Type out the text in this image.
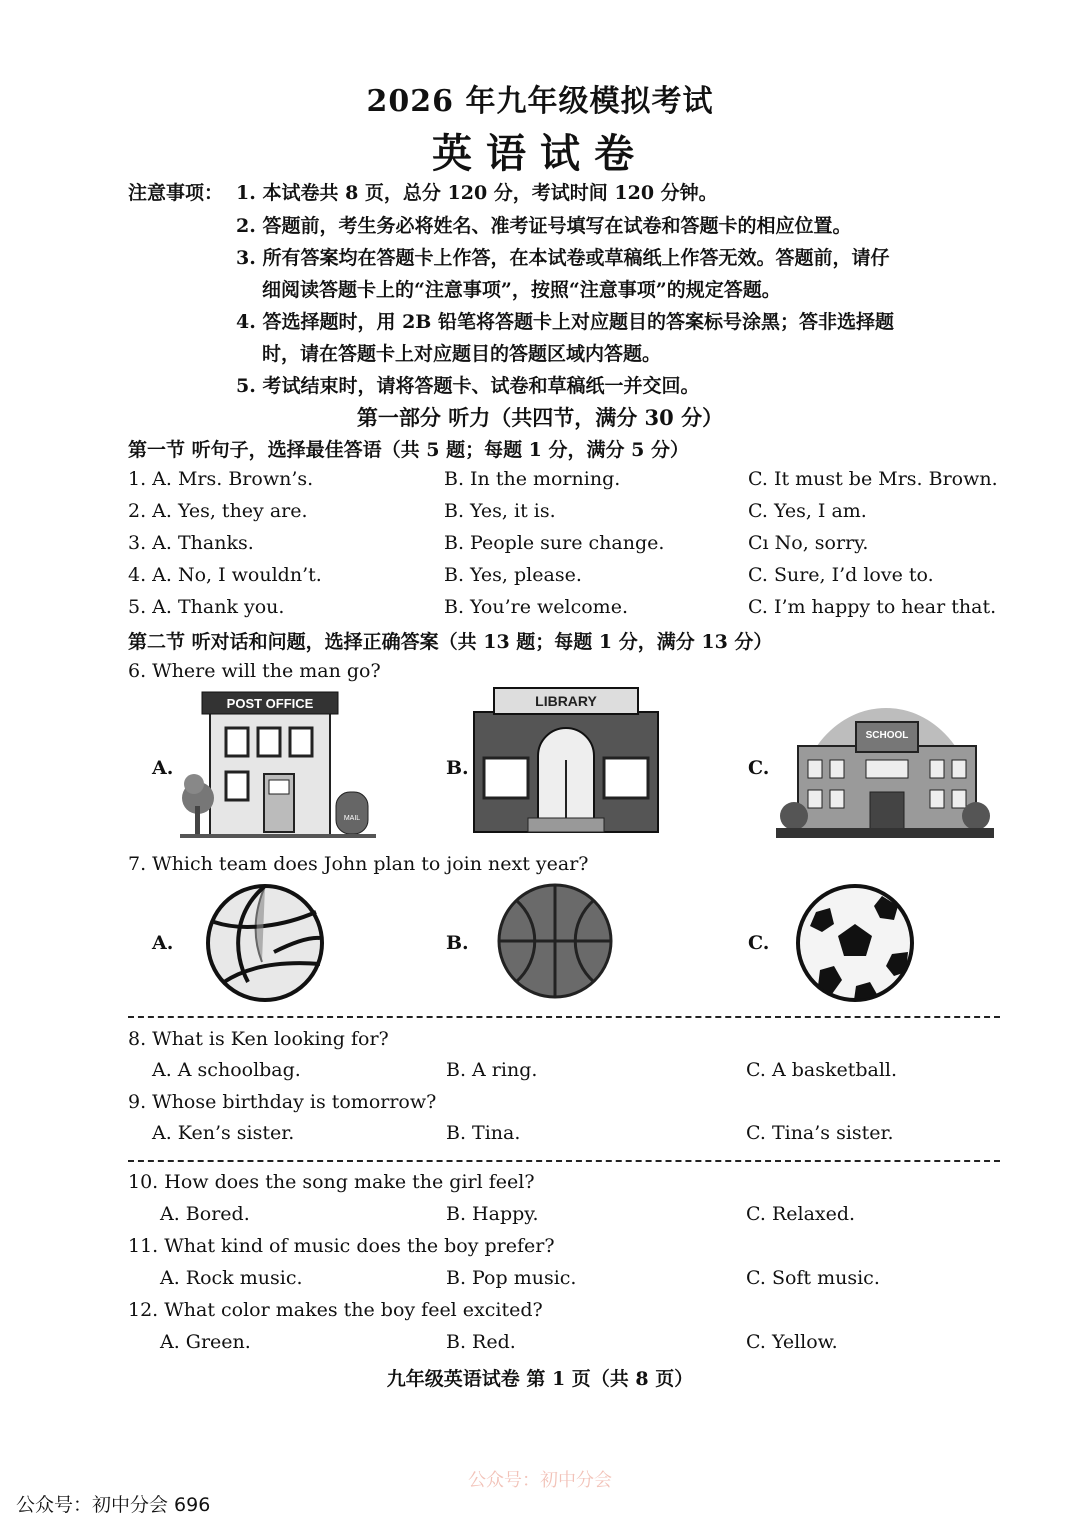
2026 年九年级模拟考试
英语试卷
注意事项： 1. 本试卷共 8 页，总分 120 分，考试时间 120 分钟。
2. 答题前，考生务必将姓名、准考证号填写在试卷和答题卡的相应位置。
3. 所有答案均在答题卡上作答，在本试卷或草稿纸上作答无效。答题前，请仔
细阅读答题卡上的“注意事项”，按照“注意事项”的规定答题。
4. 答选择题时，用 2B 铅笔将答题卡上对应题目的答案标号涂黑；答非选择题
时，请在答题卡上对应题目的答题区域内答题。
5. 考试结束时，请将答题卡、试卷和草稿纸一并交回。
第一部分 听力（共四节，满分 30 分）
第一节 听句子，选择最佳答语（共 5 题；每题 1 分，满分 5 分）
1. A. Mrs. Brown’s.	B. In the morning.	C. It must be Mrs. Brown.
2. A. Yes, they are.	B. Yes, it is.	C. Yes, I am.
3. A. Thanks.	B. People sure change.	Cı No, sorry.
4. A. No, I wouldn’t.	B. Yes, please.	C. Sure, I’d love to.
5. A. Thank you.	B. You’re welcome.	C. I’m happy to hear that.
第二节 听对话和问题，选择正确答案（共 13 题；每题 1 分，满分 13 分）
6. Where will the man go?
A.	B.	C.
POST OFFICE
MAIL
LIBRARY
SCHOOL
7. Which team does John plan to join next year?
A.	B.	C.
8. What is Ken looking for?
A. A schoolbag.	B. A ring.	C. A basketball.
9. Whose birthday is tomorrow?
A. Ken’s sister.	B. Tina.	C. Tina’s sister.
10. How does the song make the girl feel?
A. Bored.	B. Happy.	C. Relaxed.
11. What kind of music does the boy prefer?
A. Rock music.	B. Pop music.	C. Soft music.
12. What color makes the boy feel excited?
A. Green.	B. Red.	C. Yellow.
九年级英语试卷 第 1 页（共 8 页）
公众号：初中分会
公众号：初中分会 696
